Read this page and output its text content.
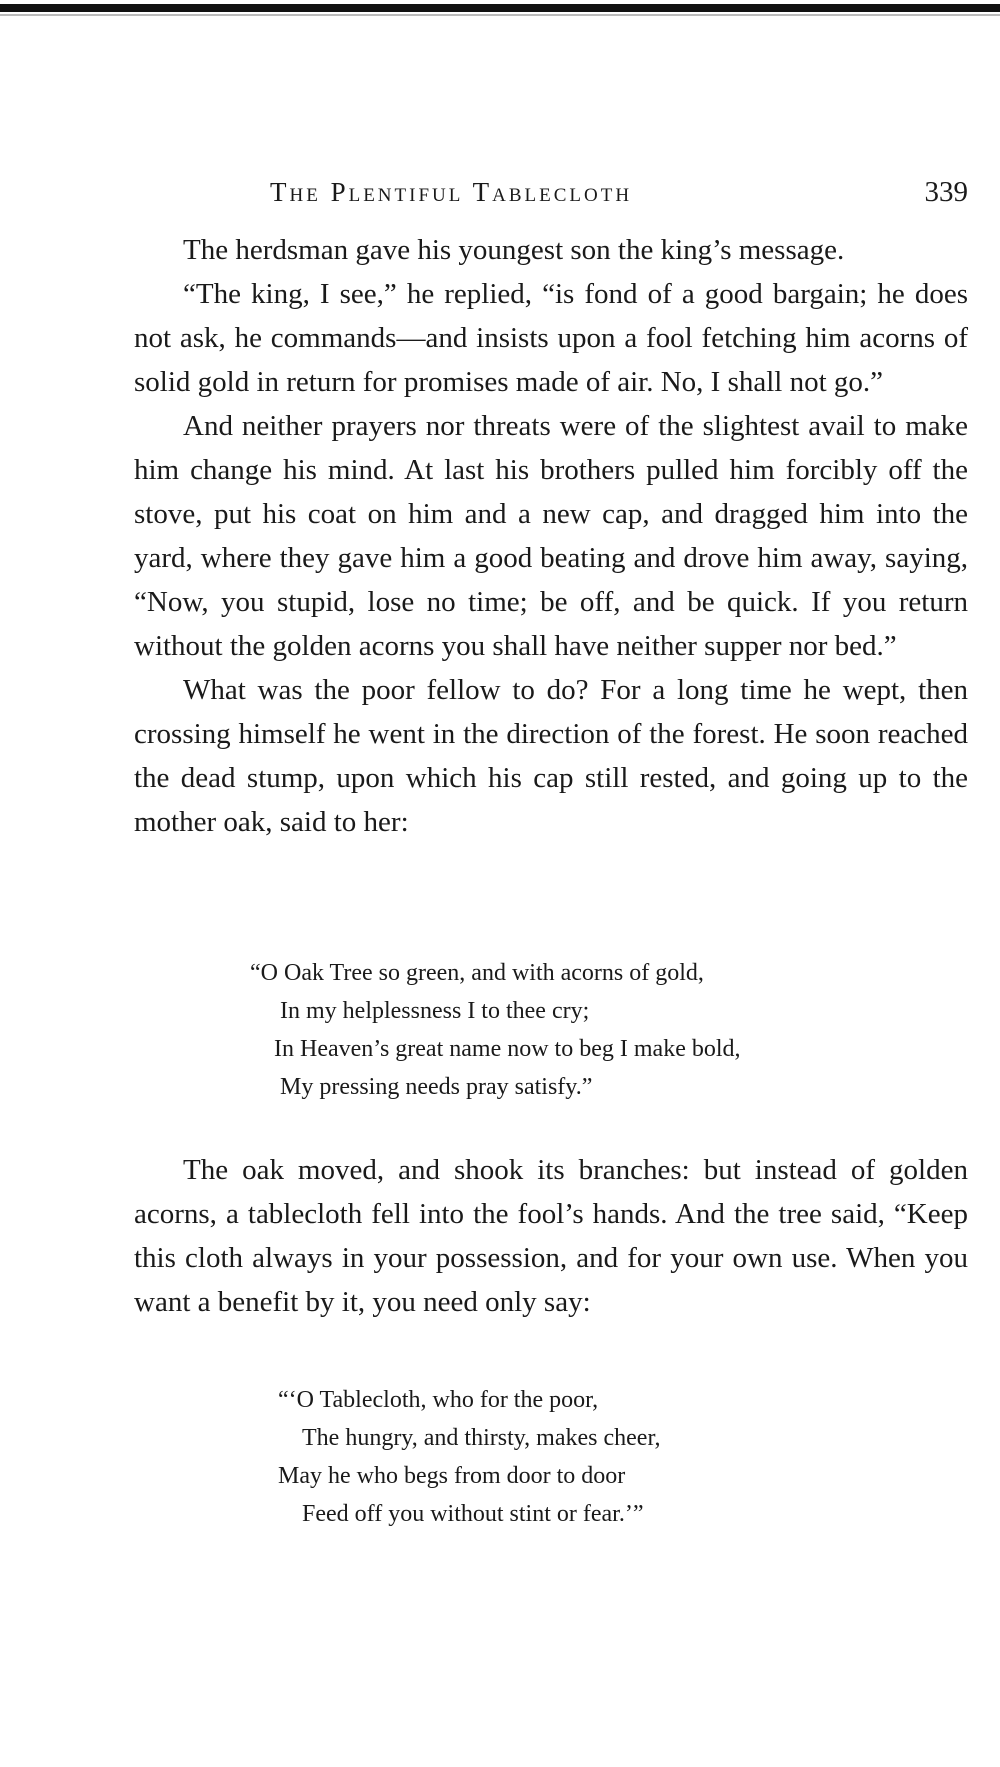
The Plentiful Tablecloth	339

The herdsman gave his youngest son the king’s message.

“The king, I see,” he replied, “is fond of a good bargain; he does not ask, he commands—and insists upon a fool fetching him acorns of solid gold in return for promises made of air. No, I shall not go.”

And neither prayers nor threats were of the slightest avail to make him change his mind. At last his brothers pulled him forcibly off the stove, put his coat on him and a new cap, and dragged him into the yard, where they gave him a good beating and drove him away, saying, “Now, you stupid, lose no time; be off, and be quick. If you return without the golden acorns you shall have neither supper nor bed.”

What was the poor fellow to do? For a long time he wept, then crossing himself he went in the direction of the forest. He soon reached the dead stump, upon which his cap still rested, and going up to the mother oak, said to her:

“O Oak Tree so green, and with acorns of gold,
In my helplessness I to thee cry;
In Heaven’s great name now to beg I make bold,
My pressing needs pray satisfy.”

The oak moved, and shook its branches: but instead of golden acorns, a tablecloth fell into the fool’s hands. And the tree said, “Keep this cloth always in your possession, and for your own use. When you want a benefit by it, you need only say:

“‘O Tablecloth, who for the poor,
The hungry, and thirsty, makes cheer,
May he who begs from door to door
Feed off you without stint or fear.’”
